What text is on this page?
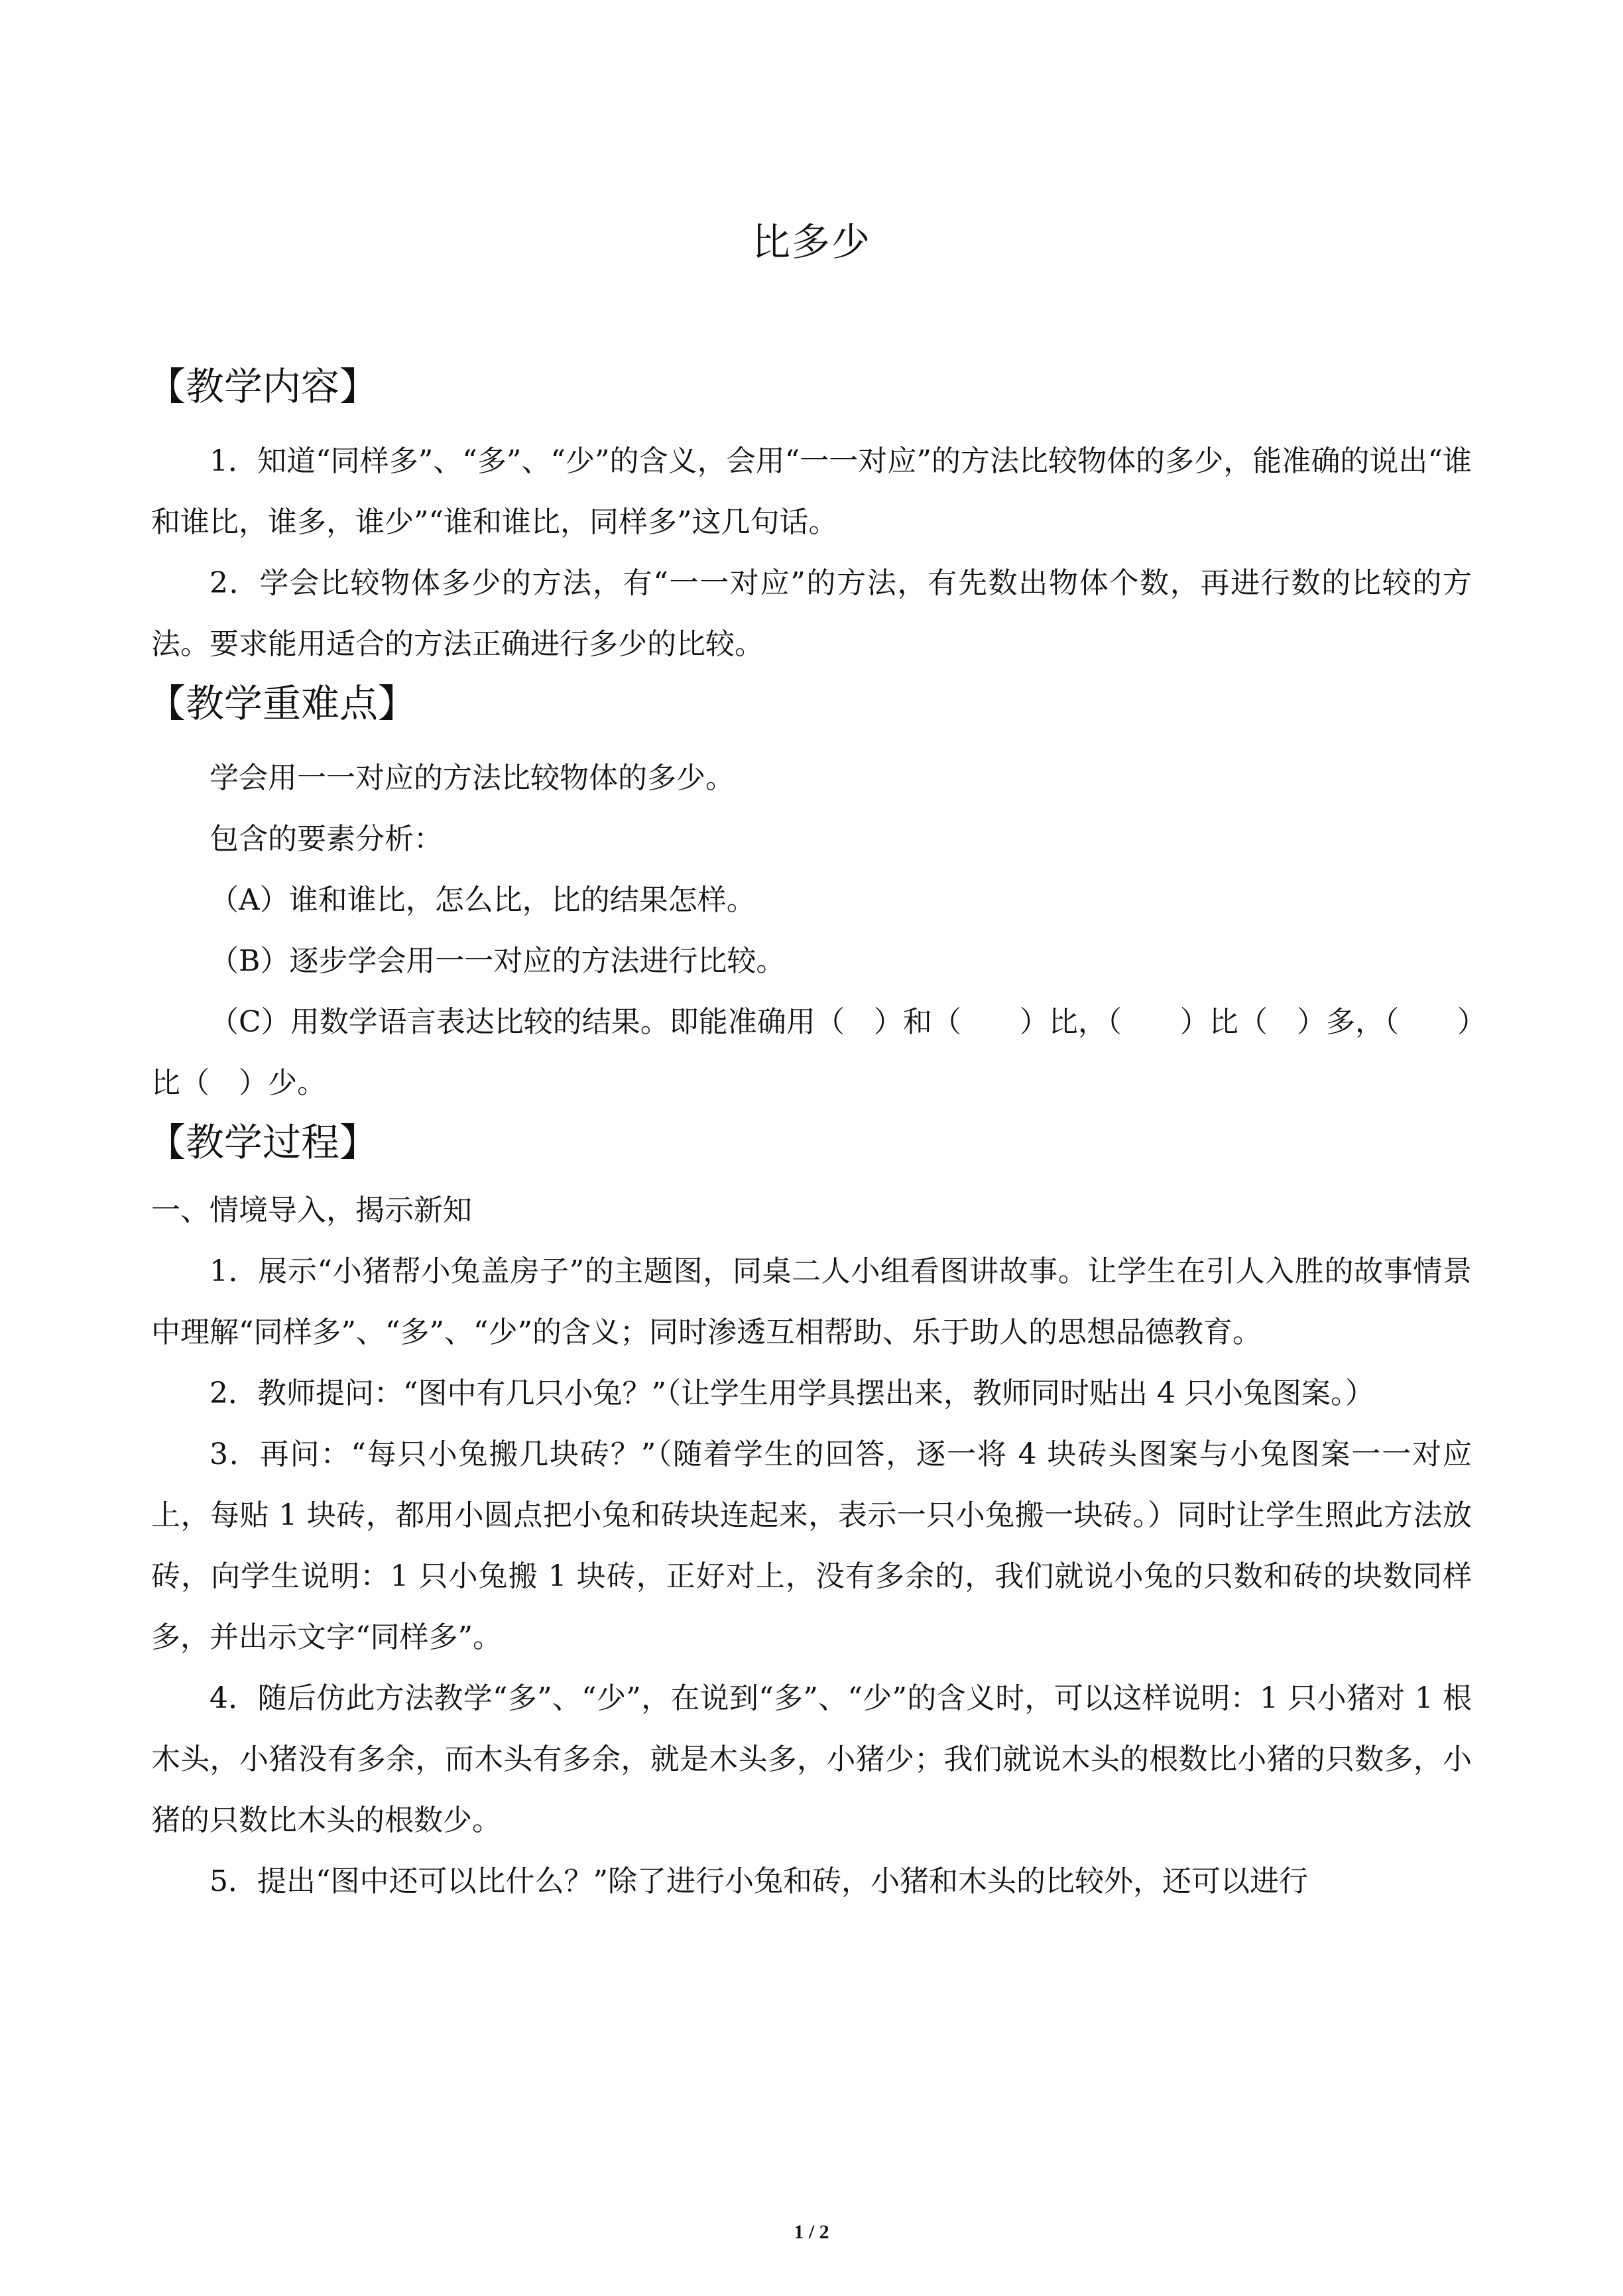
比多少
【教学内容】
1．知道“同样多”、“多”、“少”的含义，会用“一一对应”的方法比较物体的多少，能准确的说出“谁和谁比，谁多，谁少”“谁和谁比，同样多”这几句话。
2．学会比较物体多少的方法，有“一一对应”的方法，有先数出物体个数，再进行数的比较的方法。要求能用适合的方法正确进行多少的比较。
【教学重难点】
学会用一一对应的方法比较物体的多少。
包含的要素分析：
（A）谁和谁比，怎么比，比的结果怎样。
（B）逐步学会用一一对应的方法进行比较。
（C）用数学语言表达比较的结果。即能准确用（　）和（　　）比，（　　）比（　）多，（　　）比（　）少。
【教学过程】
一、情境导入，揭示新知
1．展示“小猪帮小兔盖房子”的主题图，同桌二人小组看图讲故事。让学生在引人入胜的故事情景中理解“同样多”、“多”、“少”的含义；同时渗透互相帮助、乐于助人的思想品德教育。
2．教师提问：“图中有几只小兔？”（让学生用学具摆出来，教师同时贴出 4 只小兔图案。）
3．再问：“每只小兔搬几块砖？”（随着学生的回答，逐一将 4 块砖头图案与小兔图案一一对应上，每贴 1 块砖，都用小圆点把小兔和砖块连起来，表示一只小兔搬一块砖。）同时让学生照此方法放砖，向学生说明：1 只小兔搬 1 块砖，正好对上，没有多余的，我们就说小兔的只数和砖的块数同样多，并出示文字“同样多”。
4．随后仿此方法教学“多”、“少”，在说到“多”、“少”的含义时，可以这样说明：1 只小猪对 1 根木头，小猪没有多余，而木头有多余，就是木头多，小猪少；我们就说木头的根数比小猪的只数多，小猪的只数比木头的根数少。
5．提出“图中还可以比什么？”除了进行小兔和砖，小猪和木头的比较外，还可以进行
1 / 2
